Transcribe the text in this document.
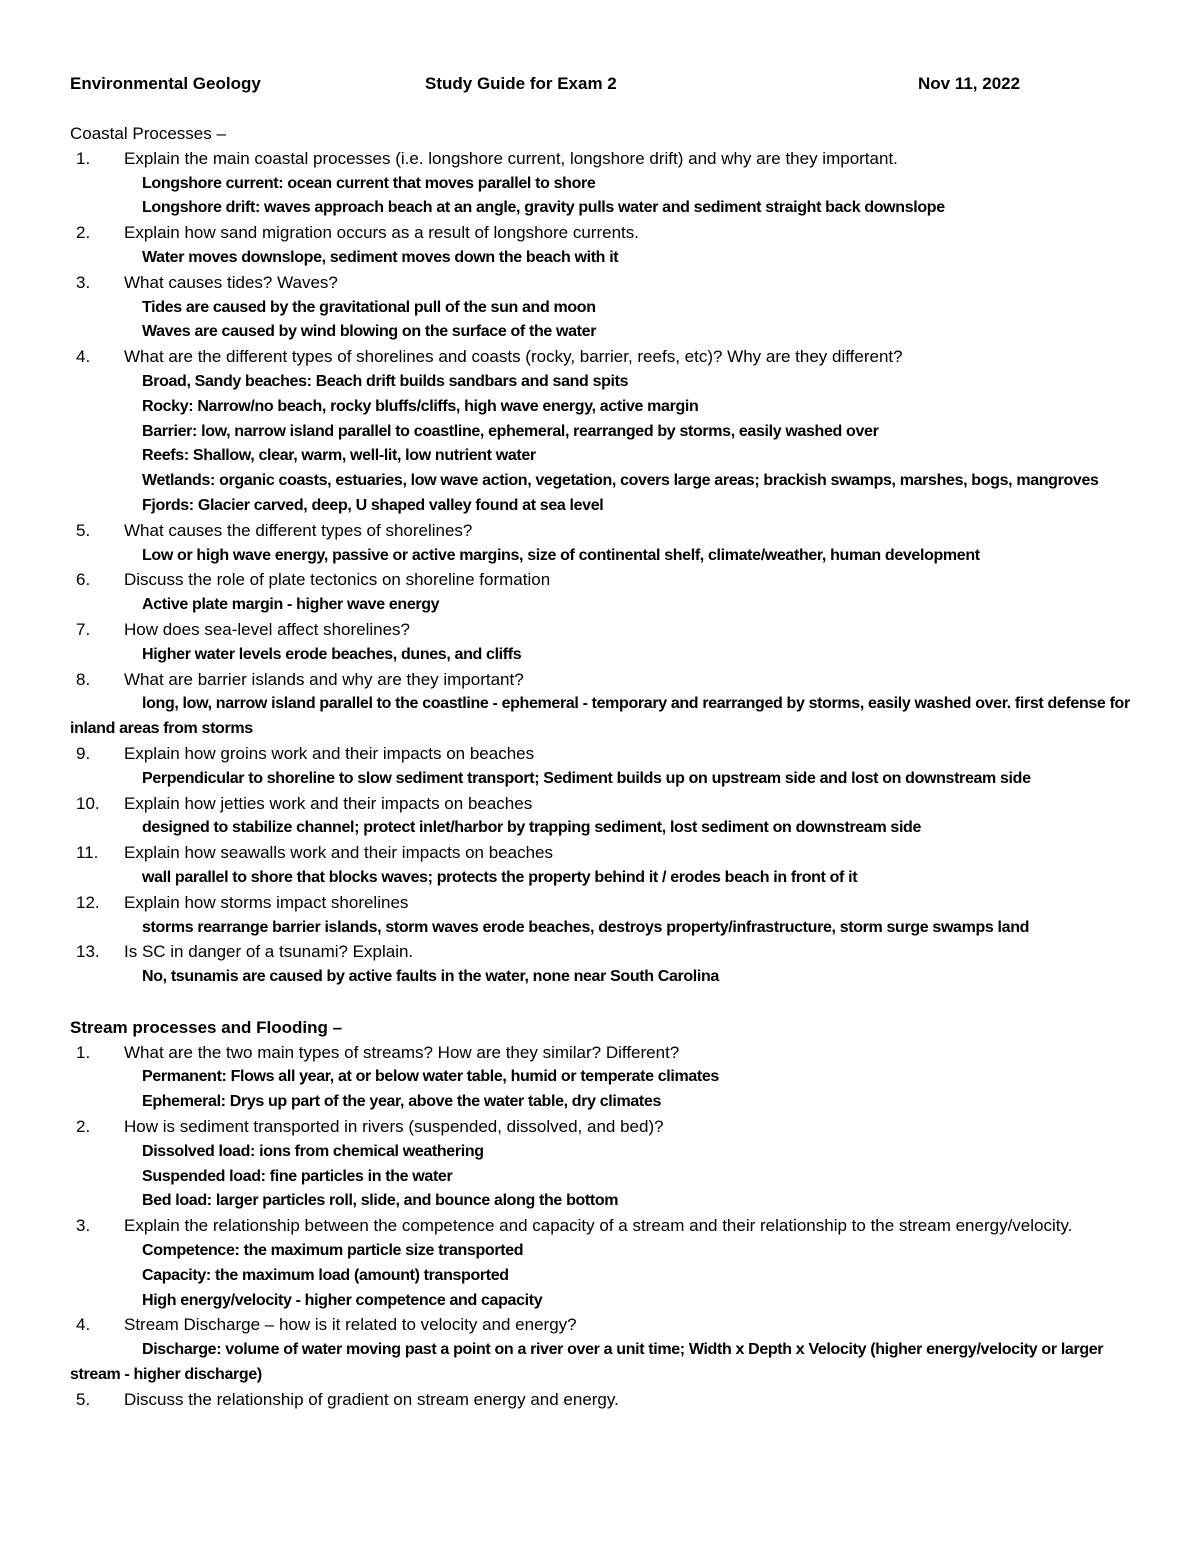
Environmental Geology	Study Guide for Exam 2	Nov 11, 2022
Coastal Processes –
1.	Explain the main coastal processes (i.e. longshore current, longshore drift) and why are they important.
Longshore current: ocean current that moves parallel to shore
Longshore drift: waves approach beach at an angle, gravity pulls water and sediment straight back downslope
2.	Explain how sand migration occurs as a result of longshore currents.
Water moves downslope, sediment moves down the beach with it
3.	What causes tides? Waves?
Tides are caused by the gravitational pull of the sun and moon
Waves are caused by wind blowing on the surface of the water
4.	What are the different types of shorelines and coasts (rocky, barrier, reefs, etc)? Why are they different?
Broad, Sandy beaches: Beach drift builds sandbars and sand spits
Rocky: Narrow/no beach, rocky bluffs/cliffs, high wave energy, active margin
Barrier: low, narrow island parallel to coastline, ephemeral, rearranged by storms, easily washed over
Reefs: Shallow, clear, warm, well-lit, low nutrient water
Wetlands: organic coasts, estuaries, low wave action, vegetation, covers large areas; brackish swamps, marshes, bogs, mangroves
Fjords: Glacier carved, deep, U shaped valley found at sea level
5.	What causes the different types of shorelines?
Low or high wave energy, passive or active margins, size of continental shelf, climate/weather, human development
6.	Discuss the role of plate tectonics on shoreline formation
Active plate margin - higher wave energy
7.	How does sea-level affect shorelines?
Higher water levels erode beaches, dunes, and cliffs
8.	What are barrier islands and why are they important?
long, low, narrow island parallel to the coastline - ephemeral - temporary and rearranged by storms, easily washed over. first defense for inland areas from storms
9.	Explain how groins work and their impacts on beaches
Perpendicular to shoreline to slow sediment transport; Sediment builds up on upstream side and lost on downstream side
10.	Explain how jetties work and their impacts on beaches
designed to stabilize channel; protect inlet/harbor by trapping sediment, lost sediment on downstream side
11.	Explain how seawalls work and their impacts on beaches
wall parallel to shore that blocks waves; protects the property behind it / erodes beach in front of it
12.	Explain how storms impact shorelines
storms rearrange barrier islands, storm waves erode beaches, destroys property/infrastructure, storm surge swamps land
13.	Is SC in danger of a tsunami? Explain.
No, tsunamis are caused by active faults in the water, none near South Carolina
Stream processes and Flooding –
1.	What are the two main types of streams? How are they similar? Different?
Permanent: Flows all year, at or below water table, humid or temperate climates
Ephemeral: Drys up part of the year, above the water table, dry climates
2.	How is sediment transported in rivers (suspended, dissolved, and bed)?
Dissolved load: ions from chemical weathering
Suspended load: fine particles in the water
Bed load: larger particles roll, slide, and bounce along the bottom
3.	Explain the relationship between the competence and capacity of a stream and their relationship to the stream energy/velocity.
Competence: the maximum particle size transported
Capacity: the maximum load (amount) transported
High energy/velocity - higher competence and capacity
4.	Stream Discharge – how is it related to velocity and energy?
Discharge: volume of water moving past a point on a river over a unit time; Width x Depth x Velocity (higher energy/velocity or larger stream - higher discharge)
5.	Discuss the relationship of gradient on stream energy and energy.
